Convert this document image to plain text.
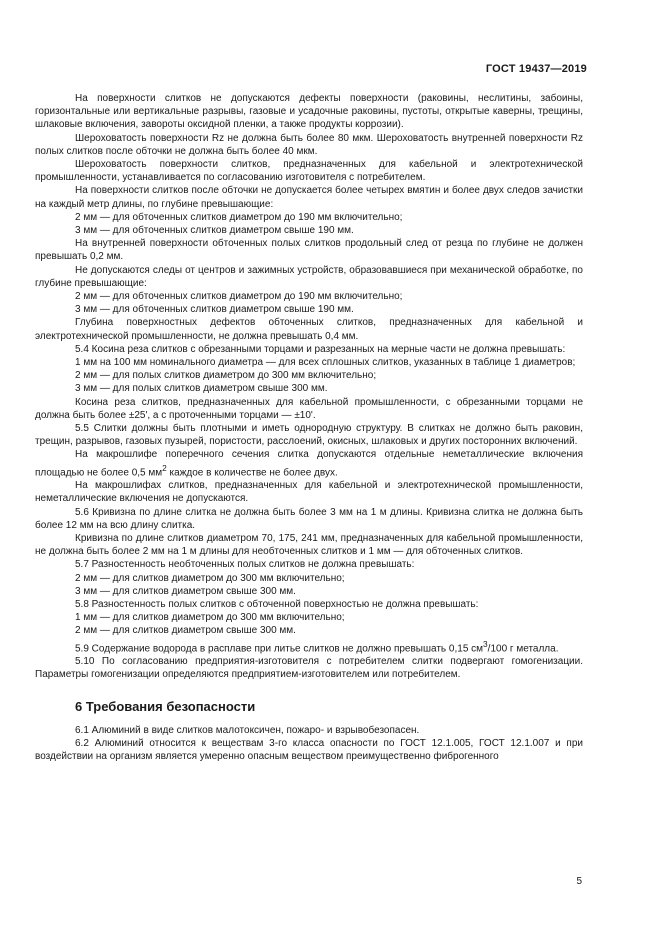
ГОСТ 19437—2019

На поверхности слитков не допускаются дефекты поверхности (раковины, неслитины, забоины, горизонтальные или вертикальные разрывы, газовые и усадочные раковины, пустоты, открытые каверны, трещины, шлаковые включения, завороты оксидной пленки, а также продукты коррозии).

Шероховатость поверхности Rz не должна быть более 80 мкм. Шероховатость внутренней поверхности Rz полых слитков после обточки не должна быть более 40 мкм.

Шероховатость поверхности слитков, предназначенных для кабельной и электротехнической промышленности, устанавливается по согласованию изготовителя с потребителем.

На поверхности слитков после обточки не допускается более четырех вмятин и более двух следов зачистки на каждый метр длины, по глубине превышающие:

2 мм — для обточенных слитков диаметром до 190 мм включительно;

3 мм — для обточенных слитков диаметром свыше 190 мм.

На внутренней поверхности обточенных полых слитков продольный след от резца по глубине не должен превышать 0,2 мм.

Не допускаются следы от центров и зажимных устройств, образовавшиеся при механической обработке, по глубине превышающие:

2 мм — для обточенных слитков диаметром до 190 мм включительно;

3 мм — для обточенных слитков диаметром свыше 190 мм.

Глубина поверхностных дефектов обточенных слитков, предназначенных для кабельной и электротехнической промышленности, не должна превышать 0,4 мм.

5.4 Косина реза слитков с обрезанными торцами и разрезанных на мерные части не должна превышать:

1 мм на 100 мм номинального диаметра — для всех сплошных слитков, указанных в таблице 1 диаметров;

2 мм — для полых слитков диаметром до 300 мм включительно;

3 мм — для полых слитков диаметром свыше 300 мм.

Косина реза слитков, предназначенных для кабельной промышленности, с обрезанными торцами не должна быть более ±25', а с проточенными торцами — ±10'.

5.5 Слитки должны быть плотными и иметь однородную структуру. В слитках не должно быть раковин, трещин, разрывов, газовых пузырей, пористости, расслоений, окисных, шлаковых и других посторонних включений.

На макрошлифе поперечного сечения слитка допускаются отдельные неметаллические включения площадью не более 0,5 $мм^2$ каждое в количестве не более двух.

На макрошлифах слитков, предназначенных для кабельной и электротехнической промышленности, неметаллические включения не допускаются.

5.6 Кривизна по длине слитка не должна быть более 3 мм на 1 м длины. Кривизна слитка не должна быть более 12 мм на всю длину слитка.

Кривизна по длине слитков диаметром 70, 175, 241 мм, предназначенных для кабельной промышленности, не должна быть более 2 мм на 1 м длины для необточенных слитков и 1 мм — для обточенных слитков.

5.7 Разностенность необточенных полых слитков не должна превышать:

2 мм — для слитков диаметром до 300 мм включительно;

3 мм — для слитков диаметром свыше 300 мм.

5.8 Разностенность полых слитков с обточенной поверхностью не должна превышать:

1 мм — для слитков диаметром до 300 мм включительно;

2 мм — для слитков диаметром свыше 300 мм.

5.9 Содержание водорода в расплаве при литье слитков не должно превышать 0,15 $см^3/100$ г металла.

5.10 По согласованию предприятия-изготовителя с потребителем слитки подвергают гомогенизации. Параметры гомогенизации определяются предприятием-изготовителем или потребителем.

6 Требования безопасности

6.1 Алюминий в виде слитков малотоксичен, пожаро- и взрывобезопасен.

6.2 Алюминий относится к веществам 3-го класса опасности по ГОСТ 12.1.005, ГОСТ 12.1.007 и при воздействии на организм является умеренно опасным веществом преимущественно фиброгенного

5
